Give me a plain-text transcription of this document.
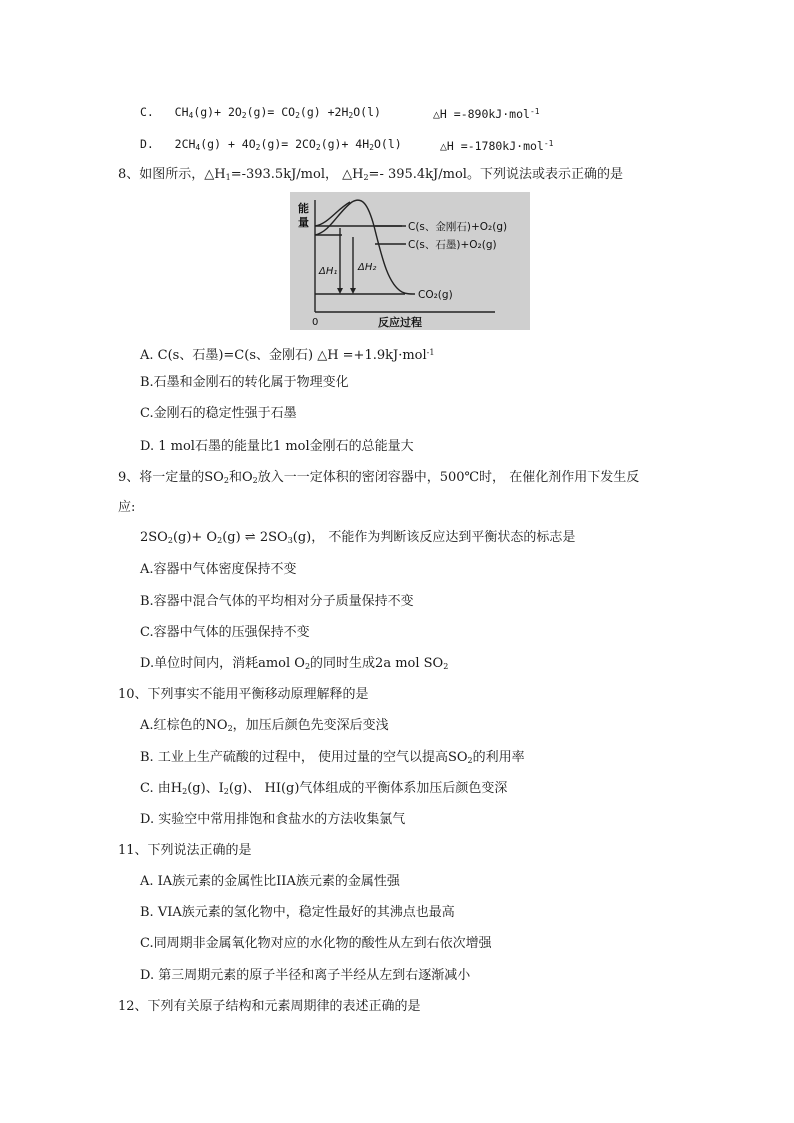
C. $CH_4(g)+ 2O_2(g)= CO_2(g) +2H_2O(l)$	△H =-890kJ·mol$^{-1}$
D. $2CH_4(g) + 4O_2(g)= 2CO_2(g)+ 4H_2O(l)$	△H =-1780kJ·mol$^{-1}$
8、如图所示，$\triangle H_1=-393.5kJ$/mol， $\triangle H_2=-$ 395.4kJ/mol。下列说法或表示正确的是
能
量
0	反应过程
C(s、金刚石)+O₂(g)
C(s、石墨)+O₂(g)
CO₂(g)
ΔH₁ ΔH₂
A. C(s、石墨)=C(s、金刚石) △H =+1.9kJ·mol$^{-1}$
B.石墨和金刚石的转化属于物理变化
C.金刚石的稳定性强于石墨
D. 1 mol石墨的能量比1 mol金刚石的总能量大
9、将一定量的$SO_2$和$O_2$放入一一定体积的密闭容器中，500℃时， 在催化剂作用下发生反
应:
$2SO_2(g)+ O_2(g)$ ⇌ $2SO_3(g)$， 不能作为判断该反应达到平衡状态的标志是
A.容器中气体密度保持不变
B.容器中混合气体的平均相对分子质量保持不变
C.容器中气体的压强保持不变
D.单位时间内，消耗amol $O_2$的同时生成2a mol $SO_2$
10、下列事实不能用平衡移动原理解释的是
A.红棕色的$NO_2$，加压后颜色先变深后变浅
B. 工业上生产硫酸的过程中， 使用过量的空气以提高$SO_2$的利用率
C. 由$H_2(g)$、$I_2(g)$、 HI(g)气体组成的平衡体系加压后颜色变深
D. 实验空中常用排饱和食盐水的方法收集氯气
11、下列说法正确的是
A. IA族元素的金属性比IIA族元素的金属性强
B. VIA族元素的氢化物中，稳定性最好的其沸点也最高
C.同周期非金属氧化物对应的水化物的酸性从左到右依次增强
D. 第三周期元素的原子半径和离子半经从左到右逐渐减小
12、下列有关原子结构和元素周期律的表述正确的是
